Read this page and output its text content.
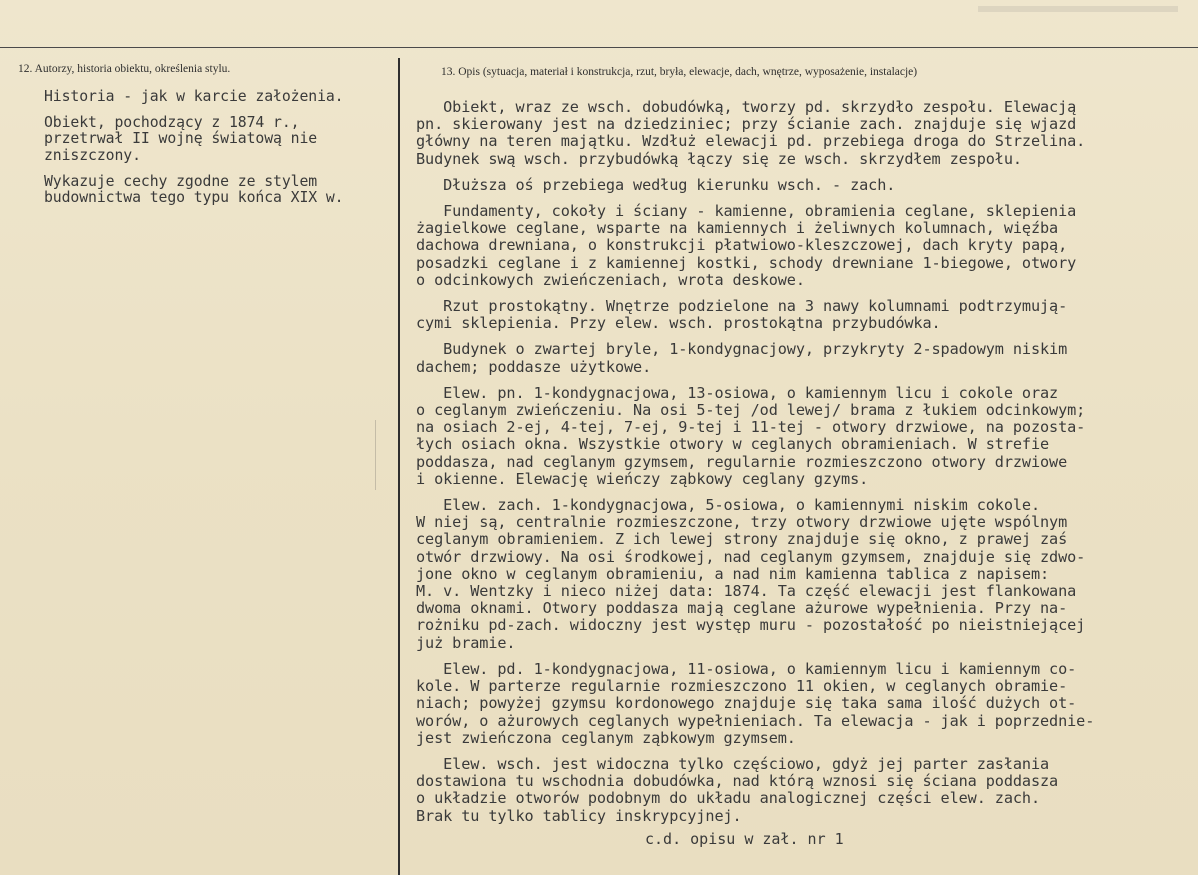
12. Autorzy, historia obiektu, określenia stylu.	13. Opis (sytuacja, materiał i konstrukcja, rzut, bryła, elewacje, dach, wnętrze, wyposażenie, instalacje)

Historia - jak w karcie założenia.

Obiekt, pochodzący z 1874 r.,
przetrwał II wojnę światową nie
zniszczony.

Wykazuje cechy zgodne ze stylem
budownictwa tego typu końca XIX w.

Obiekt, wraz ze wsch. dobudówką, tworzy pd. skrzydło zespołu. Elewacją
pn. skierowany jest na dziedziniec; przy ścianie zach. znajduje się wjazd
główny na teren majątku. Wzdłuż elewacji pd. przebiega droga do Strzelina.
Budynek swą wsch. przybudówką łączy się ze wsch. skrzydłem zespołu.

Dłuższa oś przebiega według kierunku wsch. - zach.

Fundamenty, cokoły i ściany - kamienne, obramienia ceglane, sklepienia
żagielkowe ceglane, wsparte na kamiennych i żeliwnych kolumnach, więźba
dachowa drewniana, o konstrukcji płatwiowo-kleszczowej, dach kryty papą,
posadzki ceglane i z kamiennej kostki, schody drewniane 1-biegowe, otwory
o odcinkowych zwieńczeniach, wrota deskowe.

Rzut prostokątny. Wnętrze podzielone na 3 nawy kolumnami podtrzymują-
cymi sklepienia. Przy elew. wsch. prostokątna przybudówka.

Budynek o zwartej bryle, 1-kondygnacjowy, przykryty 2-spadowym niskim
dachem; poddasze użytkowe.

Elew. pn. 1-kondygnacjowa, 13-osiowa, o kamiennym licu i cokole oraz
o ceglanym zwieńczeniu. Na osi 5-tej /od lewej/ brama z łukiem odcinkowym;
na osiach 2-ej, 4-tej, 7-ej, 9-tej i 11-tej - otwory drzwiowe, na pozosta-
łych osiach okna. Wszystkie otwory w ceglanych obramieniach. W strefie
poddasza, nad ceglanym gzymsem, regularnie rozmieszczono otwory drzwiowe
i okienne. Elewację wieńczy ząbkowy ceglany gzyms.

Elew. zach. 1-kondygnacjowa, 5-osiowa, o kamiennymi niskim cokole.
W niej są, centralnie rozmieszczone, trzy otwory drzwiowe ujęte wspólnym
ceglanym obramieniem. Z ich lewej strony znajduje się okno, z prawej zaś
otwór drzwiowy. Na osi środkowej, nad ceglanym gzymsem, znajduje się zdwo-
jone okno w ceglanym obramieniu, a nad nim kamienna tablica z napisem:
M. v. Wentzky i nieco niżej data: 1874. Ta część elewacji jest flankowana
dwoma oknami. Otwory poddasza mają ceglane ażurowe wypełnienia. Przy na-
rożniku pd-zach. widoczny jest występ muru - pozostałość po nieistniejącej
już bramie.

Elew. pd. 1-kondygnacjowa, 11-osiowa, o kamiennym licu i kamiennym co-
kole. W parterze regularnie rozmieszczono 11 okien, w ceglanych obramie-
niach; powyżej gzymsu kordonowego znajduje się taka sama ilość dużych ot-
worów, o ażurowych ceglanych wypełnieniach. Ta elewacja - jak i poprzednie-
jest zwieńczona ceglanym ząbkowym gzymsem.

Elew. wsch. jest widoczna tylko częściowo, gdyż jej parter zasłania
dostawiona tu wschodnia dobudówka, nad którą wznosi się ściana poddasza
o układzie otworów podobnym do układu analogicznej części elew. zach.
Brak tu tylko tablicy inskrypcyjnej.

c.d. opisu w zał. nr 1
